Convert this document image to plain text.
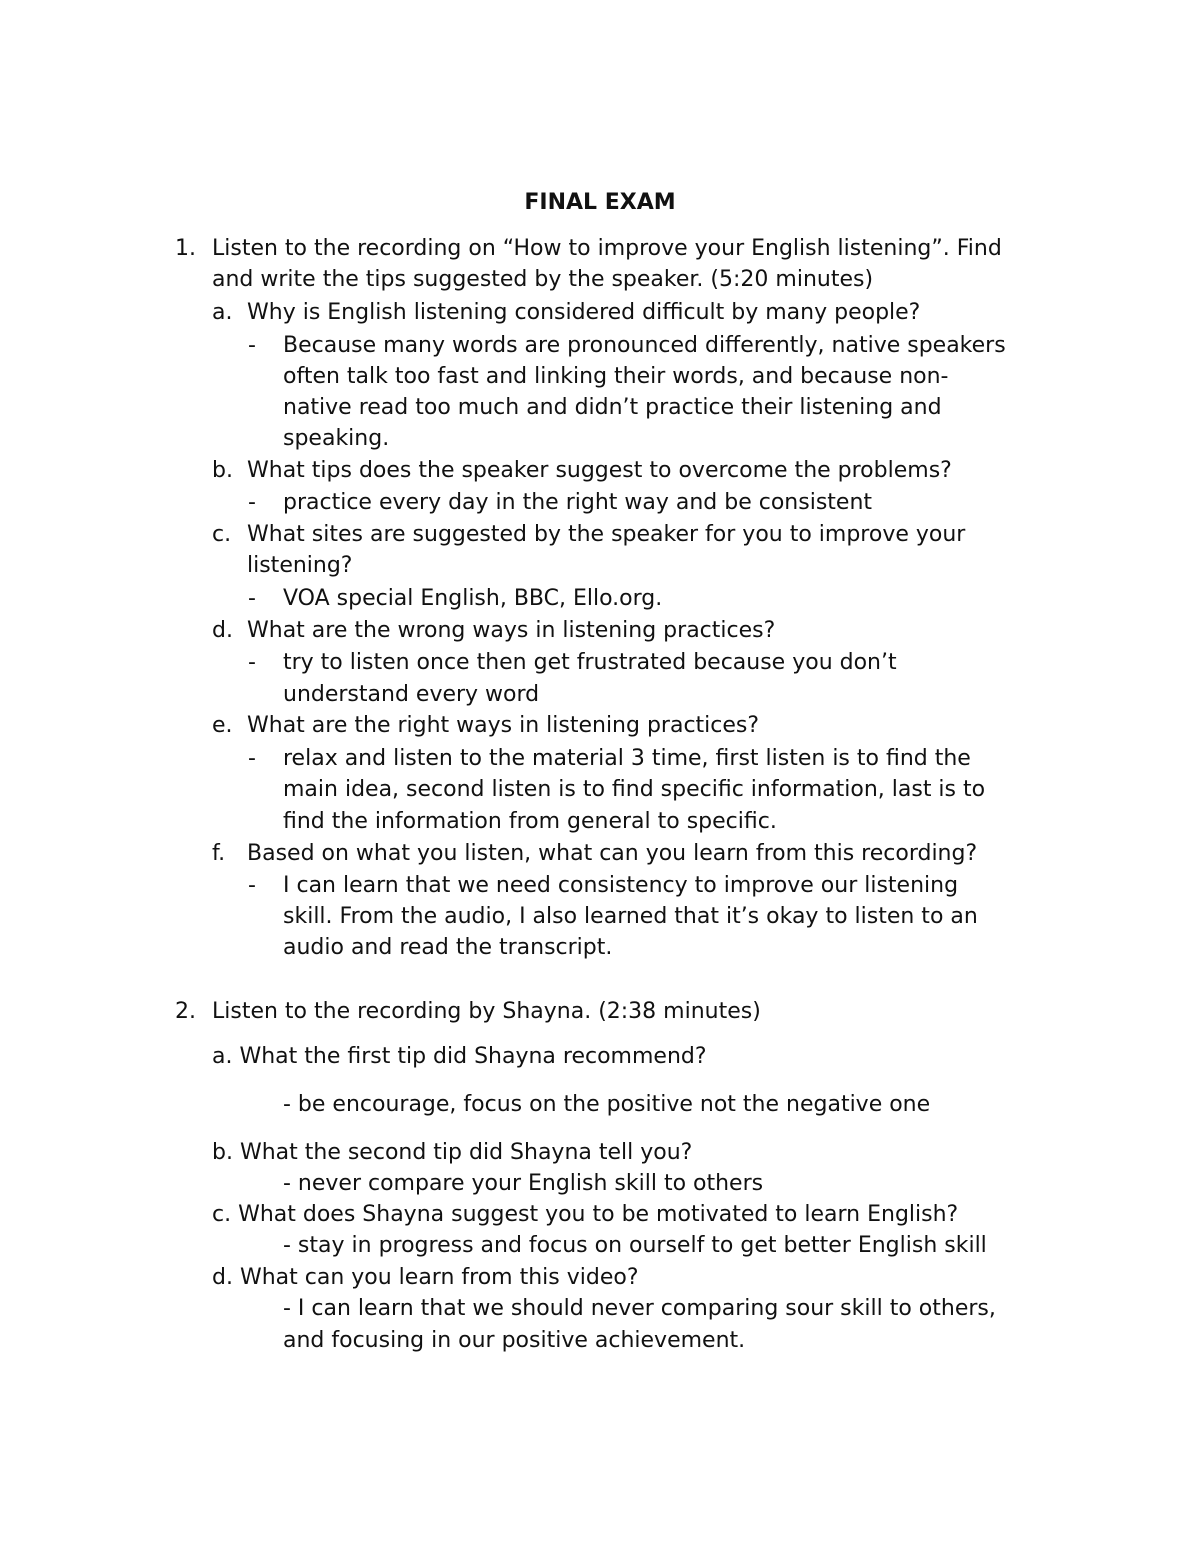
FINAL EXAM

1. Listen to the recording on “How to improve your English listening”. Find

and write the tips suggested by the speaker. (5:20 minutes)

a. Why is English listening considered difficult by many people?

- Because many words are pronounced differently, native speakers

often talk too fast and linking their words, and because non-

native read too much and didn’t practice their listening and

speaking.

b. What tips does the speaker suggest to overcome the problems?

- practice every day in the right way and be consistent

c. What sites are suggested by the speaker for you to improve your

listening?

- VOA special English, BBC, Ello.org.

d. What are the wrong ways in listening practices?

- try to listen once then get frustrated because you don’t

understand every word

e. What are the right ways in listening practices?

- relax and listen to the material 3 time, first listen is to find the

main idea, second listen is to find specific information, last is to

find the information from general to specific.

f. Based on what you listen, what can you learn from this recording?

- I can learn that we need consistency to improve our listening

skill. From the audio, I also learned that it’s okay to listen to an

audio and read the transcript.

2. Listen to the recording by Shayna. (2:38 minutes)

a. What the first tip did Shayna recommend?

- be encourage, focus on the positive not the negative one

b. What the second tip did Shayna tell you?

- never compare your English skill to others

c. What does Shayna suggest you to be motivated to learn English?

- stay in progress and focus on ourself to get better English skill

d. What can you learn from this video?

- I can learn that we should never comparing sour skill to others,

and focusing in our positive achievement.
